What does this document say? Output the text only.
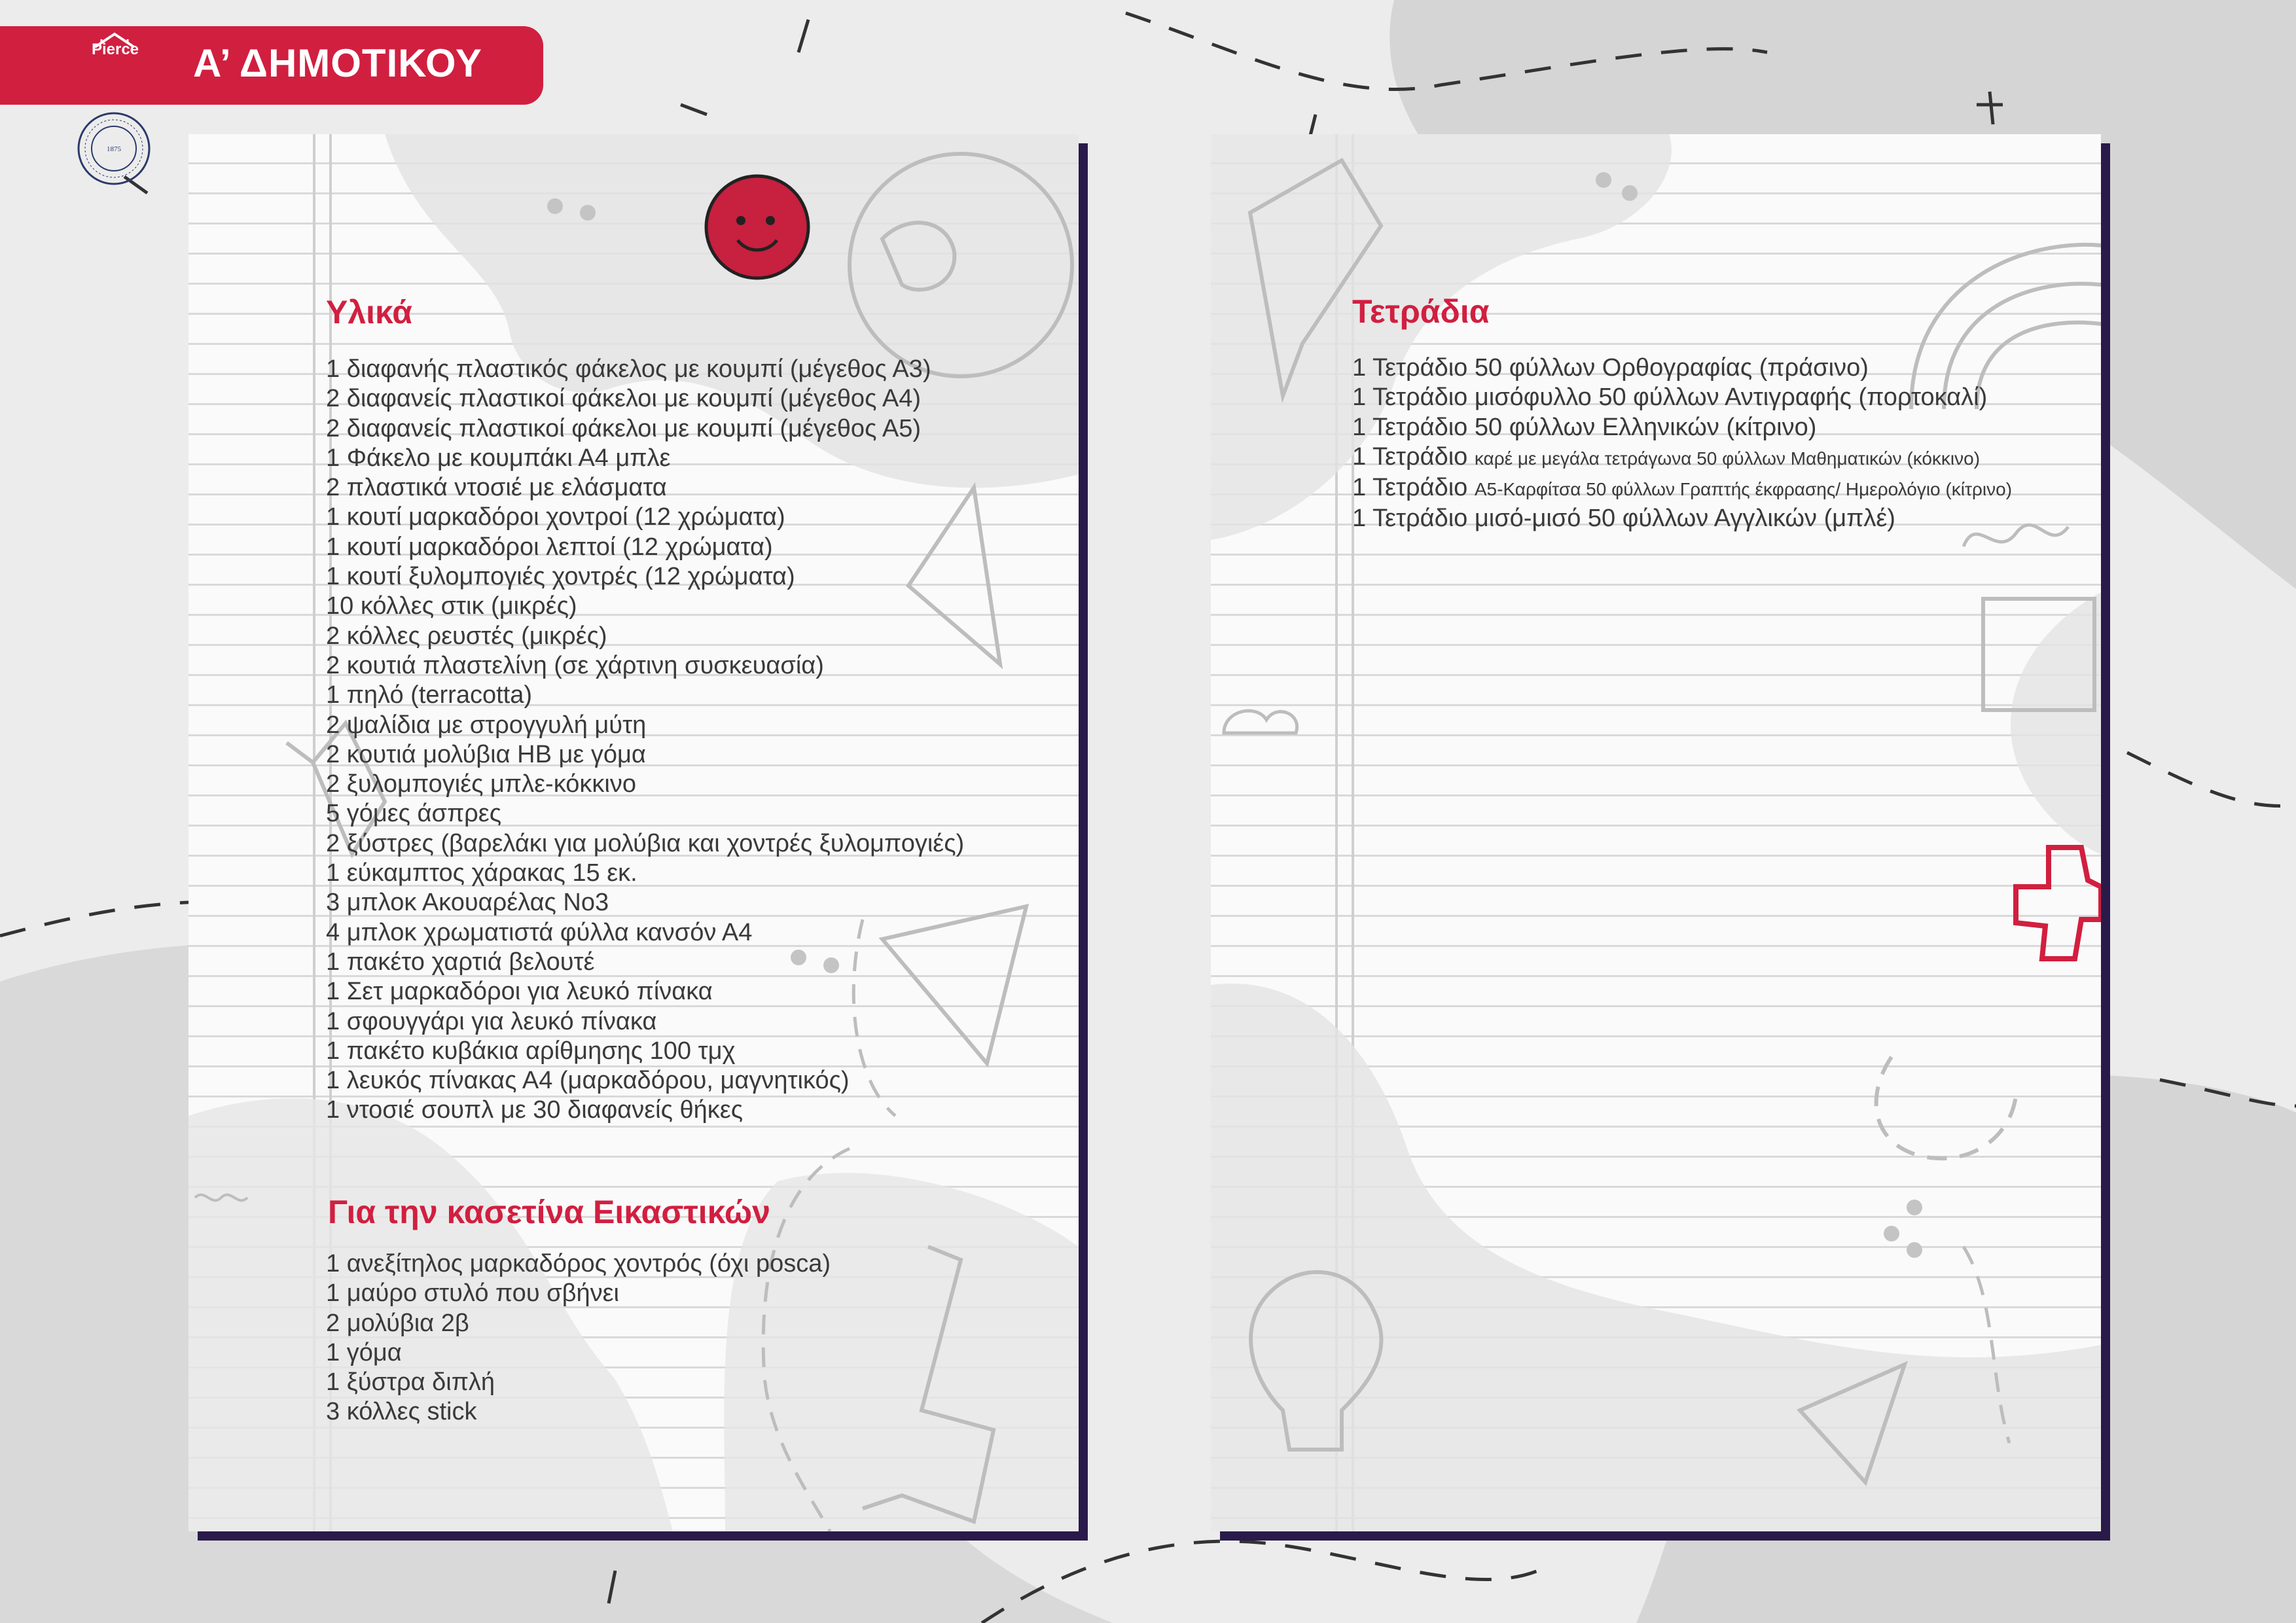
Pierce Α’ ΔΗΜΟΤΙΚΟΥ
1875
Υλικά
1 διαφανής πλαστικός φάκελος με κουμπί (μέγεθος Α3)
2 διαφανείς πλαστικοί φάκελοι με κουμπί (μέγεθος Α4)
2 διαφανείς πλαστικοί φάκελοι με κουμπί (μέγεθος Α5)
1 Φάκελο με κουμπάκι Α4 μπλε
2 πλαστικά ντοσιέ με ελάσματα
1 κουτί μαρκαδόροι χοντροί (12 χρώματα)
1 κουτί μαρκαδόροι λεπτοί (12 χρώματα)
1 κουτί ξυλομπογιές χοντρές (12 χρώματα)
10 κόλλες στικ (μικρές)
2 κόλλες ρευστές (μικρές)
2 κουτιά πλαστελίνη (σε χάρτινη συσκευασία)
1 πηλό (terracotta)
2 ψαλίδια με στρογγυλή μύτη
2 κουτιά μολύβια ΗΒ με γόμα
2 ξυλομπογιές μπλε-κόκκινο
5 γόμες άσπρες
2 ξύστρες (βαρελάκι για μολύβια και χοντρές ξυλομπογιές)
1 εύκαμπτος χάρακας 15 εκ.
3 μπλοκ Ακουαρέλας Νο3
4 μπλοκ χρωματιστά φύλλα κανσόν Α4
1 πακέτο χαρτιά βελουτέ
1 Σετ μαρκαδόροι για λευκό πίνακα
1 σφουγγάρι για λευκό πίνακα
1 πακέτο κυβάκια αρίθμησης 100 τμχ
1 λευκός πίνακας Α4 (μαρκαδόρου, μαγνητικός)
1 ντοσιέ σουπλ με 30 διαφανείς θήκες
Για την κασετίνα Εικαστικών
1 ανεξίτηλος μαρκαδόρος χοντρός (όχι posca)
1 μαύρο στυλό που σβήνει
2 μολύβια 2β
1 γόμα
1 ξύστρα διπλή
3 κόλλες stick
Τετράδια
1 Τετράδιο 50 φύλλων Ορθογραφίας (πράσινο)
1 Τετράδιο μισόφυλλο 50 φύλλων Αντιγραφής (πορτοκαλί)
1 Τετράδιο 50 φύλλων Ελληνικών (κίτρινο)
1 Τετράδιο καρέ με μεγάλα τετράγωνα 50 φύλλων Μαθηματικών (κόκκινο)
1 Τετράδιο Α5-Καρφίτσα 50 φύλλων Γραπτής έκφρασης/ Ημερολόγιο (κίτρινο)
1 Τετράδιο μισό-μισό 50 φύλλων Αγγλικών (μπλέ)
